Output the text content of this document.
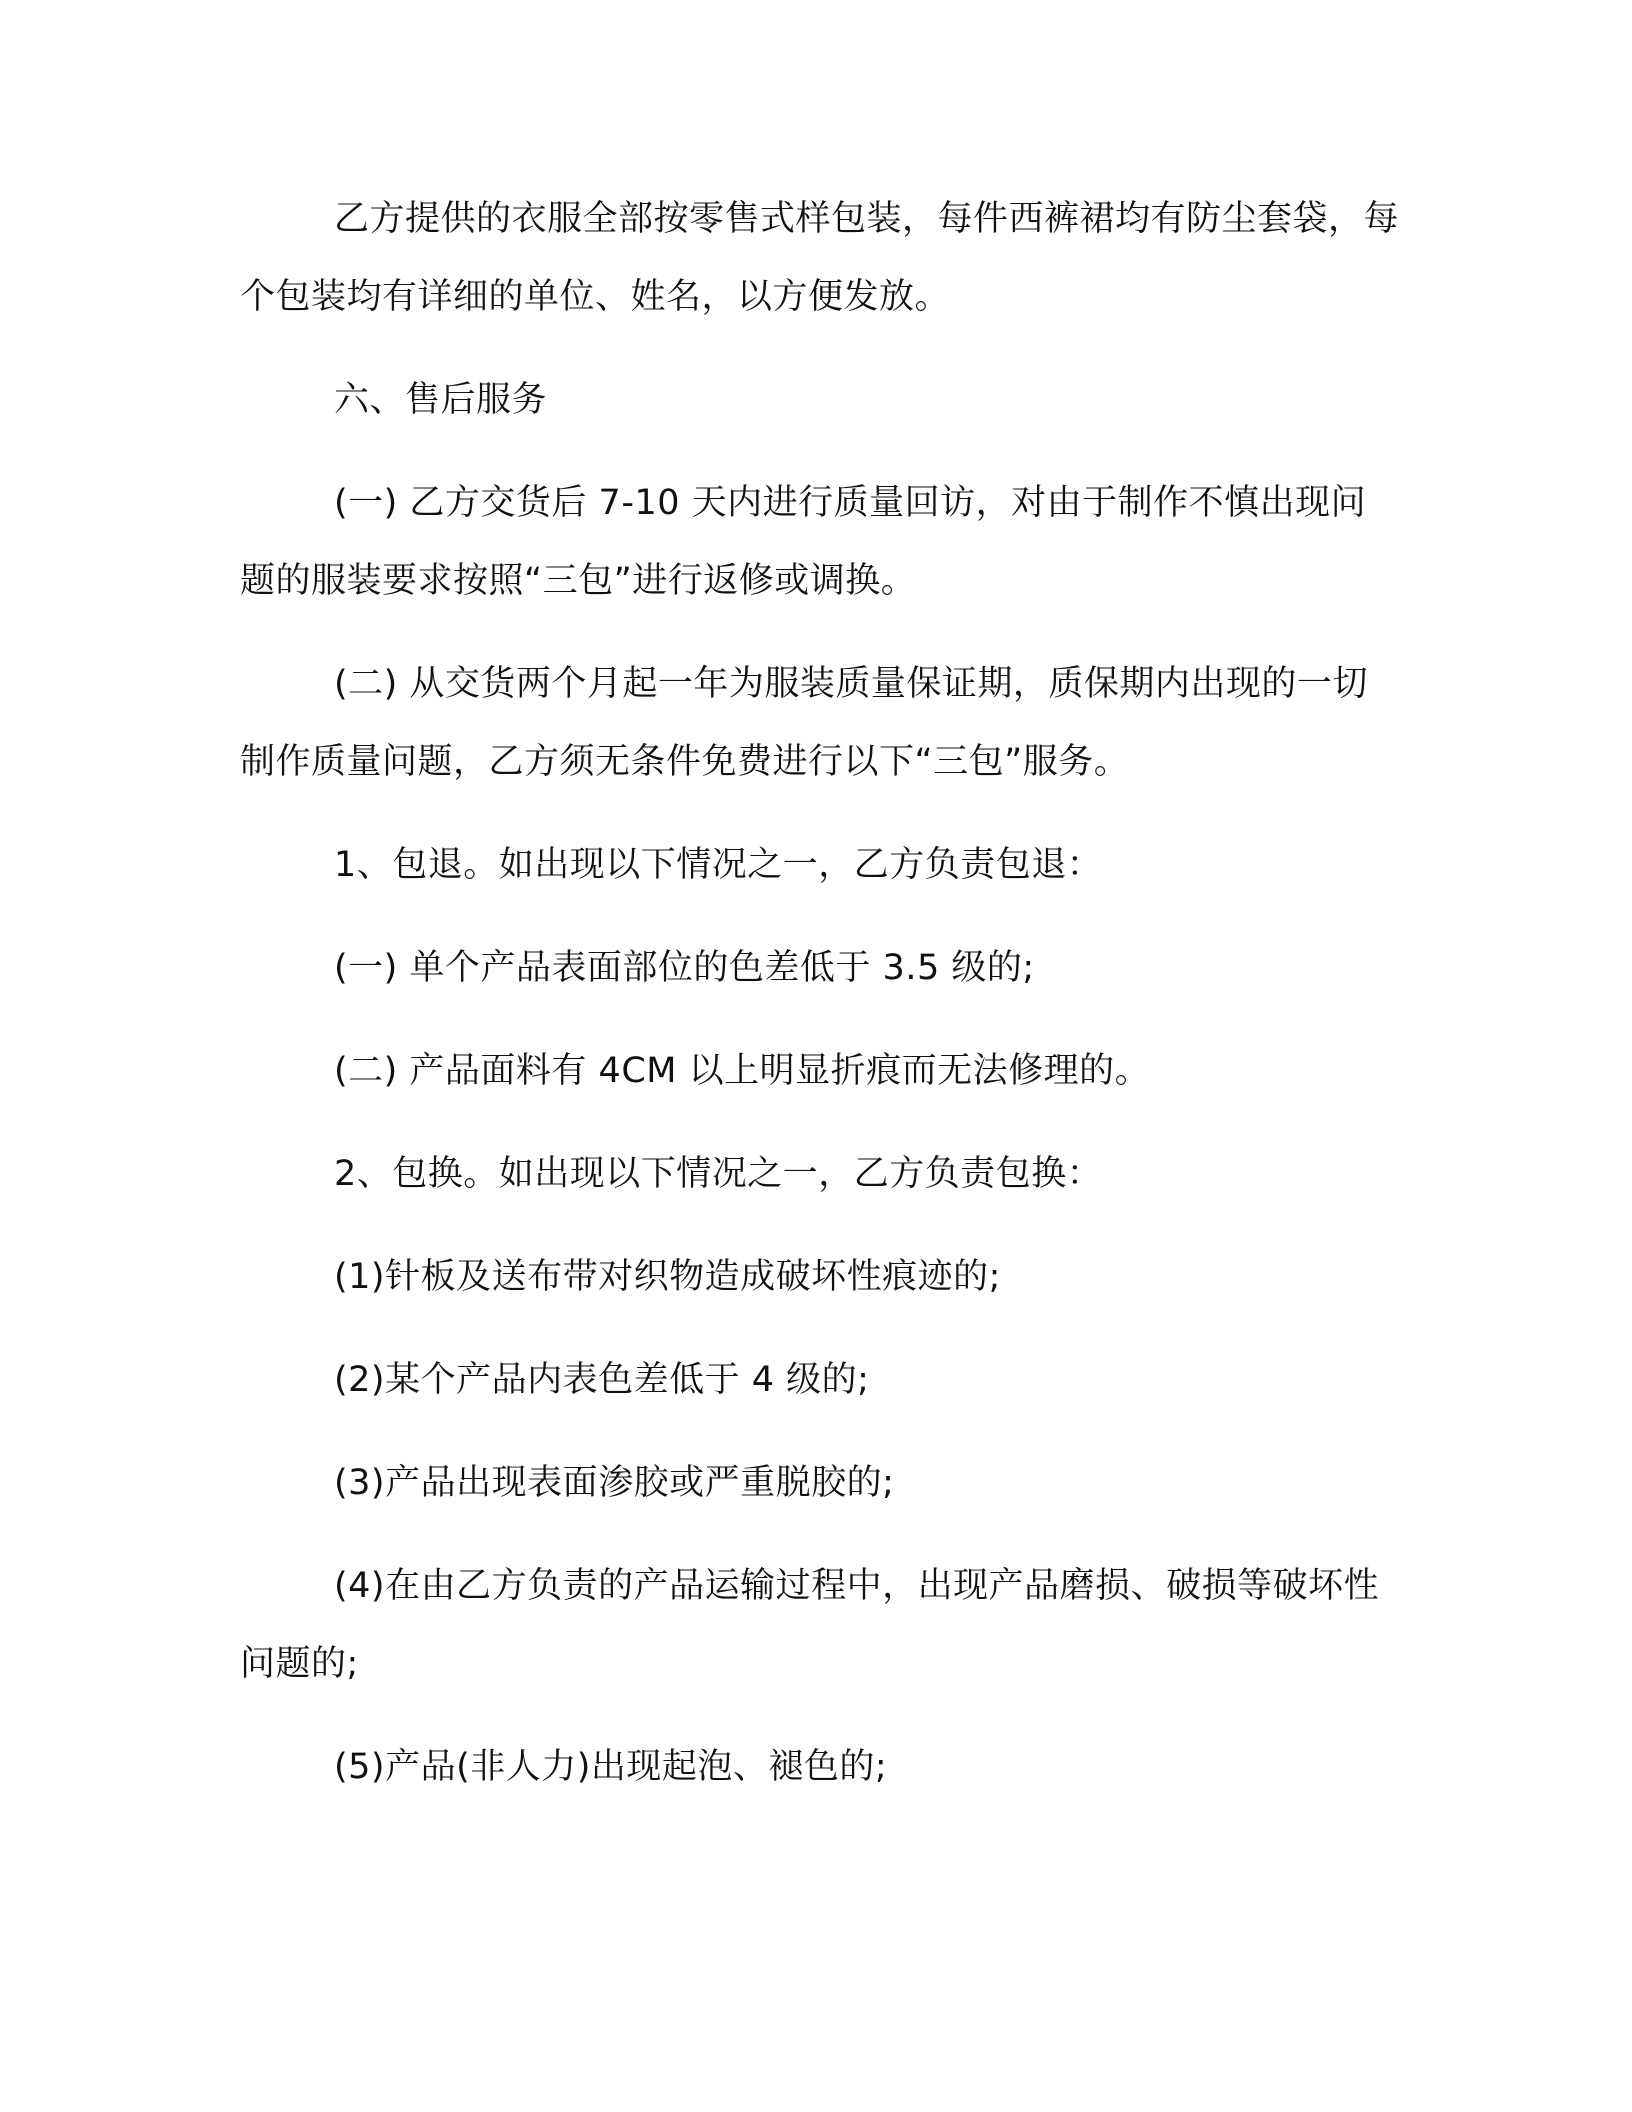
乙方提供的衣服全部按零售式样包装，每件西裤裙均有防尘套袋，每个包装均有详细的单位、姓名，以方便发放。

六、售后服务

(一) 乙方交货后 7-10 天内进行质量回访，对由于制作不慎出现问题的服装要求按照“三包”进行返修或调换。

(二) 从交货两个月起一年为服装质量保证期，质保期内出现的一切制作质量问题，乙方须无条件免费进行以下“三包”服务。

1、包退。如出现以下情况之一，乙方负责包退：

(一) 单个产品表面部位的色差低于 3.5 级的;

(二) 产品面料有 4CM 以上明显折痕而无法修理的。

2、包换。如出现以下情况之一，乙方负责包换：

(1)针板及送布带对织物造成破坏性痕迹的;

(2)某个产品内表色差低于 4 级的;

(3)产品出现表面渗胶或严重脱胶的;

(4)在由乙方负责的产品运输过程中，出现产品磨损、破损等破坏性问题的;

(5)产品(非人力)出现起泡、褪色的;
